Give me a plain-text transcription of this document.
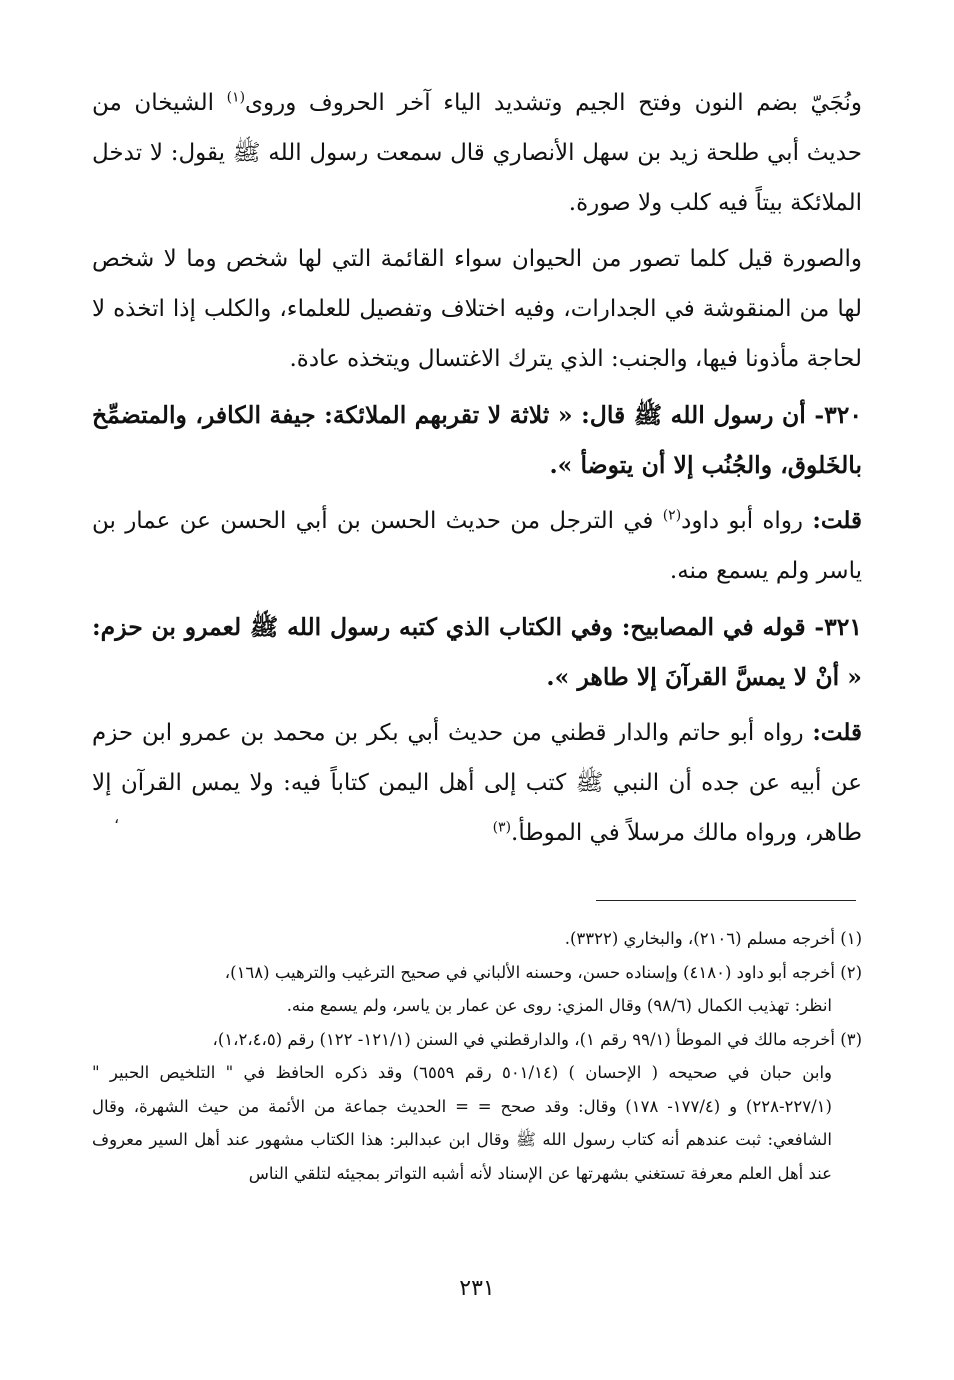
ونُجَيّ بضم النون وفتح الجيم وتشديد الياء آخر الحروف وروى$^{(١)}$ الشيخان من حديث أبي طلحة زيد بن سهل الأنصاري قال سمعت رسول الله ﷺ يقول: لا تدخل الملائكة بيتاً فيه كلب ولا صورة.

والصورة قيل كلما تصور من الحيوان سواء القائمة التي لها شخص وما لا شخص لها من المنقوشة في الجدارات، وفيه اختلاف وتفصيل للعلماء، والكلب إذا اتخذه لا لحاجة مأذونا فيها، والجنب: الذي يترك الاغتسال ويتخذه عادة.

٣٢٠- أن رسول الله ﷺ قال: « ثلاثة لا تقربهم الملائكة: جيفة الكافر، والمتضمِّخ بالخَلوق، والجُنُب إلا أن يتوضأ ».

قلت: رواه أبو داود$^{(٢)}$ في الترجل من حديث الحسن بن أبي الحسن عن عمار بن ياسر ولم يسمع منه.

٣٢١- قوله في المصابيح: وفي الكتاب الذي كتبه رسول الله ﷺ لعمرو بن حزم: « أنْ لا يمسَّ القرآنَ إلا طاهر ».

قلت: رواه أبو حاتم والدار قطني من حديث أبي بكر بن محمد بن عمرو ابن حزم عن أبيه عن جده أن النبي ﷺ كتب إلى أهل اليمن كتاباً فيه: ولا يمس القرآن إلا طاهر، ورواه مالك مرسلاً في الموطأ.$^{(٣)}$

،

(١) أخرجه مسلم (٢١٠٦)، والبخاري (٣٣٢٢).

(٢) أخرجه أبو داود (٤١٨٠) وإسناده حسن، وحسنه الألباني في صحيح الترغيب والترهيب (١٦٨)،
انظر: تهذيب الكمال (٩٨/٦) وقال المزي: روى عن عمار بن ياسر، ولم يسمع منه.

(٣) أخرجه مالك في الموطأ (٩٩/١ رقم ١)، والدارقطني في السنن (١٢١/١- ١٢٢) رقم (١،٢،٤،٥)،
وابن حبان في صحيحه ( الإحسان ) (٥٠١/١٤ رقم ٦٥٥٩) وقد ذكره الحافظ في " التلخيص الحبير " (٢٢٧/١-٢٢٨) و (١٧٧/٤- ١٧٨) وقال: وقد صحح = = الحديث جماعة من الأئمة من حيث الشهرة، وقال الشافعي: ثبت عندهم أنه كتاب رسول الله ﷺ وقال ابن عبدالبر: هذا الكتاب مشهور عند أهل السير معروف عند أهل العلم معرفة تستغني بشهرتها عن الإسناد لأنه أشبه التواتر بمجيئه لتلقي الناس

٢٣١
